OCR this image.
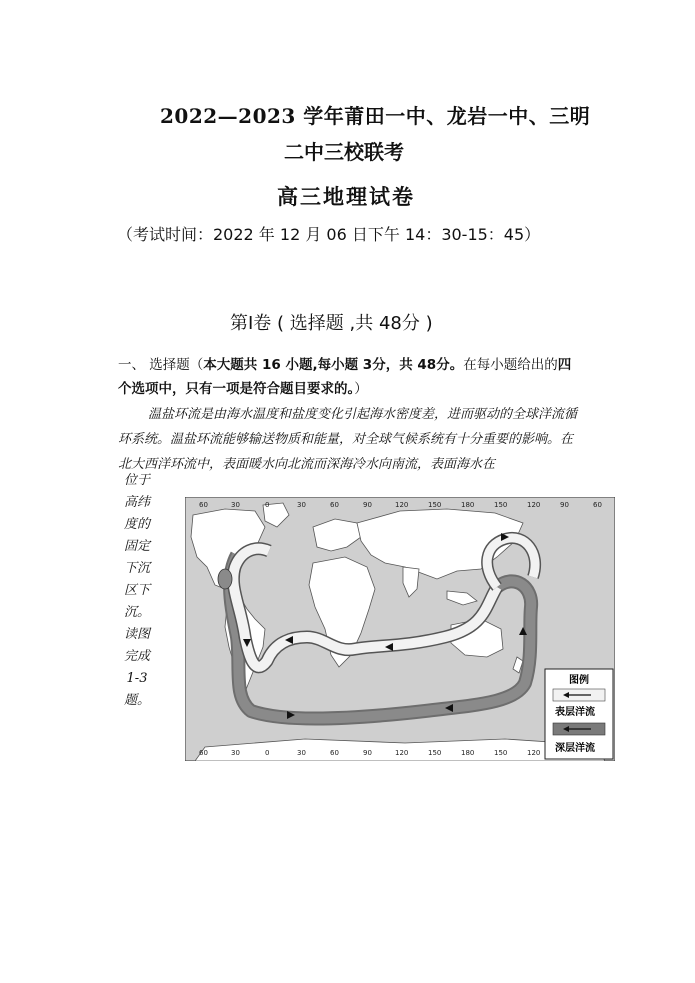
2022—2023 学年莆田一中、龙岩一中、三明
二中三校联考
高三地理试卷
（考试时间：2022 年 12 月 06 日下午 14：30-15：45）
第Ⅰ卷 ( 选择题 ,共 48分 )
一、 选择题（本大题共 16 小题,每小题 3分，共 48分。在每小题给出的四个选项中，只有一项是符合题目要求的。）
温盐环流是由海水温度和盐度变化引起海水密度差，进而驱动的全球洋流循环系统。温盐环流能够输送物质和能量，对全球气候系统有十分重要的影响。在北大西洋环流中，表面暖水向北流而深海冷水向南流，表面海水在
位于
高纬
度的
固定
下沉
区下
沉。
读图
完成
1-3
题。
60	30	0	30	60	90	120	150	180	150	120	90	60
60	30	0	30	60	90	120	150	180	150	120
图例
表层洋流
深层洋流
